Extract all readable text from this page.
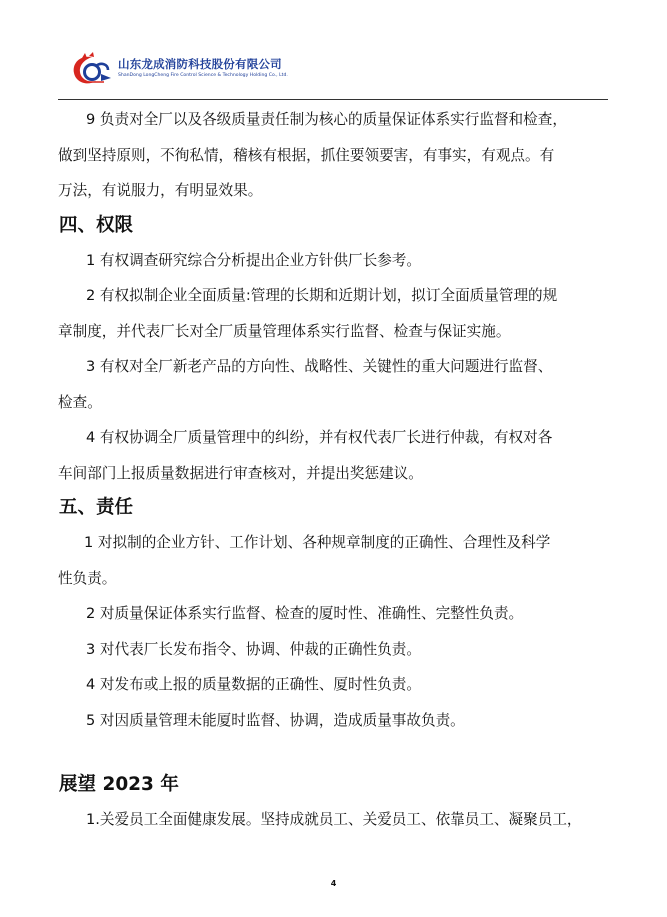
山东龙成消防科技股份有限公司
ShanDong LongCheng Fire Control Science & Technology Holding Co., Ltd.

9 负责对全厂以及各级质量责任制为核心的质量保证体系实行监督和检查，

做到坚持原则，不徇私情，稽核有根据，抓住要领要害，有事实，有观点。有

万法，有说服力，有明显效果。

四、权限

1 有权调查研究综合分析提出企业方针供厂长参考。

2 有权拟制企业全面质量:管理的长期和近期计划，拟订全面质量管理的规

章制度，并代表厂长对全厂质量管理体系实行监督、检查与保证实施。

3 有权对全厂新老产品的方向性、战略性、关键性的重大问题进行监督、

检查。

4 有权协调全厂质量管理中的纠纷，并有权代表厂长进行仲裁，有权对各

车间部门上报质量数据进行审查核对，并提出奖惩建议。

五、责任

1 对拟制的企业方针、工作计划、各种规章制度的正确性、合理性及科学

性负责。

2 对质量保证体系实行监督、检查的厦时性、准确性、完整性负责。

3 对代表厂长发布指令、协调、仲裁的正确性负责。

4 对发布或上报的质量数据的正确性、厦时性负责。

5 对因质量管理未能厦时监督、协调，造成质量事故负责。

展望 2023 年

1.关爱员工全面健康发展。坚持成就员工、关爱员工、依靠员工、凝聚员工，

4
